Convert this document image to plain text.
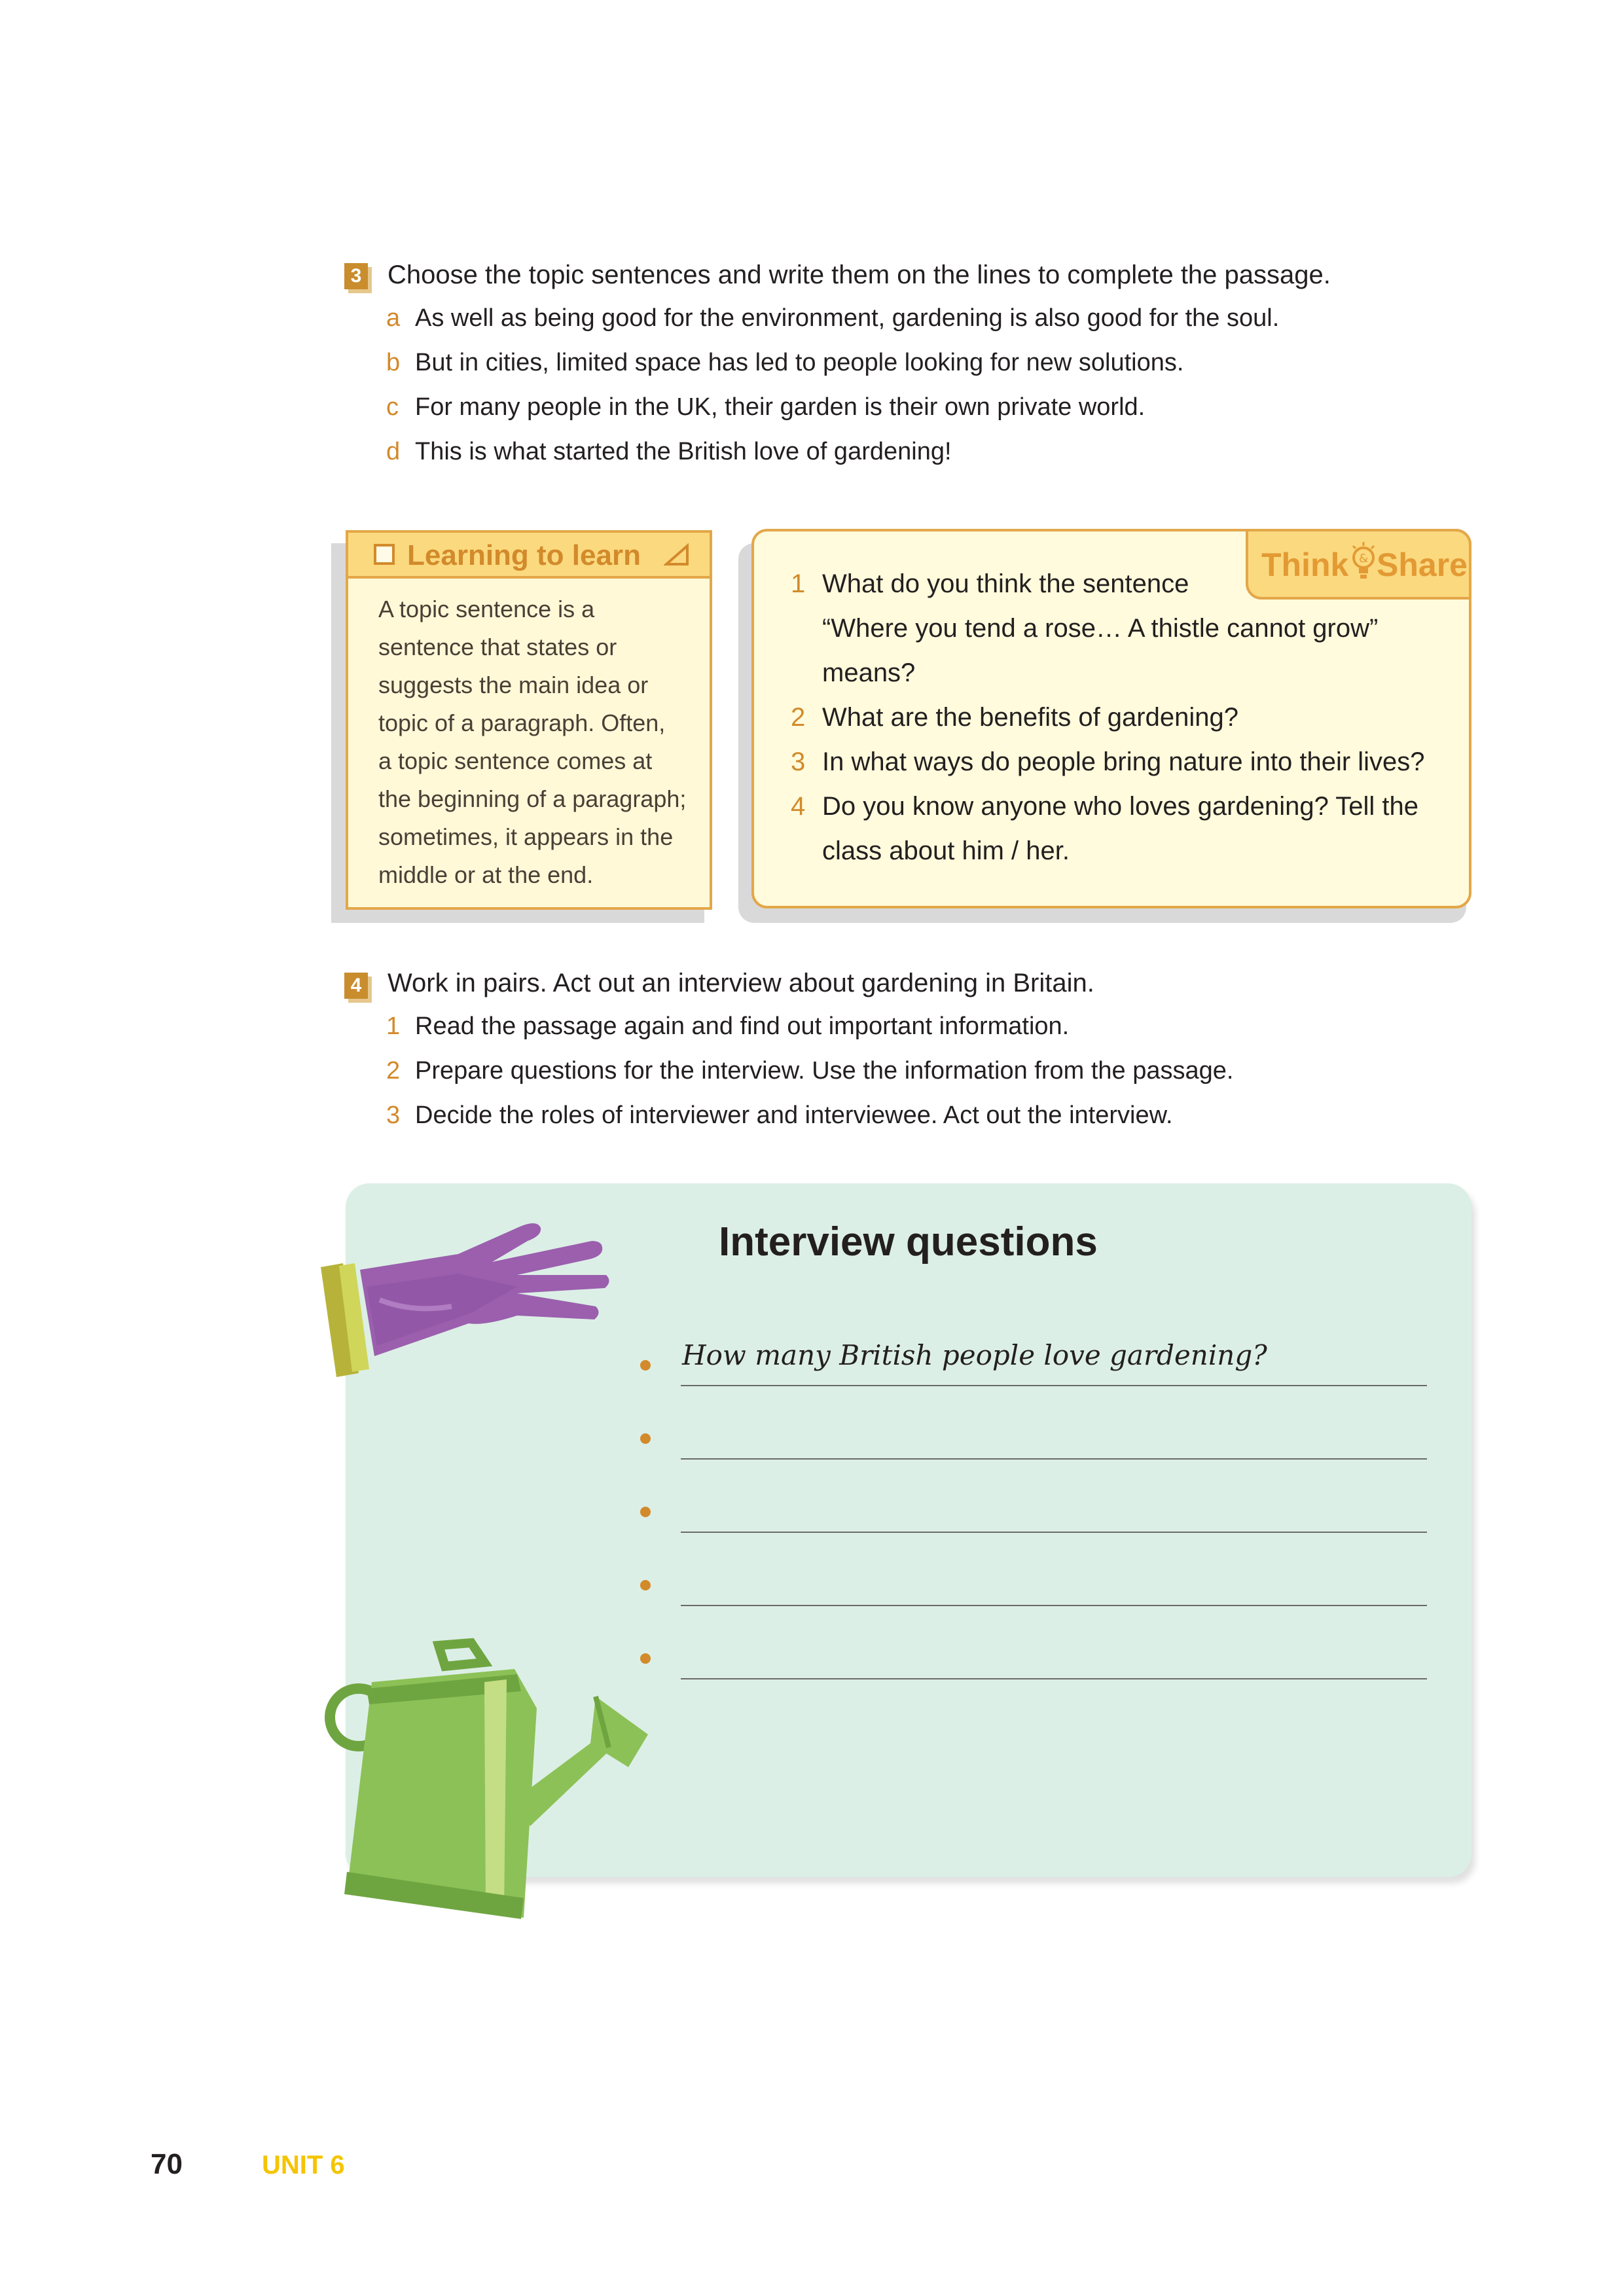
3 Choose the topic sentences and write them on the lines to complete the passage.
a As well as being good for the environment, gardening is also good for the soul.
b But in cities, limited space has led to people looking for new solutions.
c For many people in the UK, their garden is their own private world.
d This is what started the British love of gardening!
Learning to learn
A topic sentence is a
sentence that states or
suggests the main idea or
topic of a paragraph. Often,
a topic sentence comes at
the beginning of a paragraph;
sometimes, it appears in the
middle or at the end.
Think & Share
1 What do you think the sentence
“Where you tend a rose… A thistle cannot grow”
means?
2 What are the benefits of gardening?
3 In what ways do people bring nature into their lives?
4 Do you know anyone who loves gardening? Tell the
class about him / her.
4 Work in pairs. Act out an interview about gardening in Britain.
1 Read the passage again and find out important information.
2 Prepare questions for the interview. Use the information from the passage.
3 Decide the roles of interviewer and interviewee. Act out the interview.
Interview questions
How many British people love gardening?
70	UNIT 6
